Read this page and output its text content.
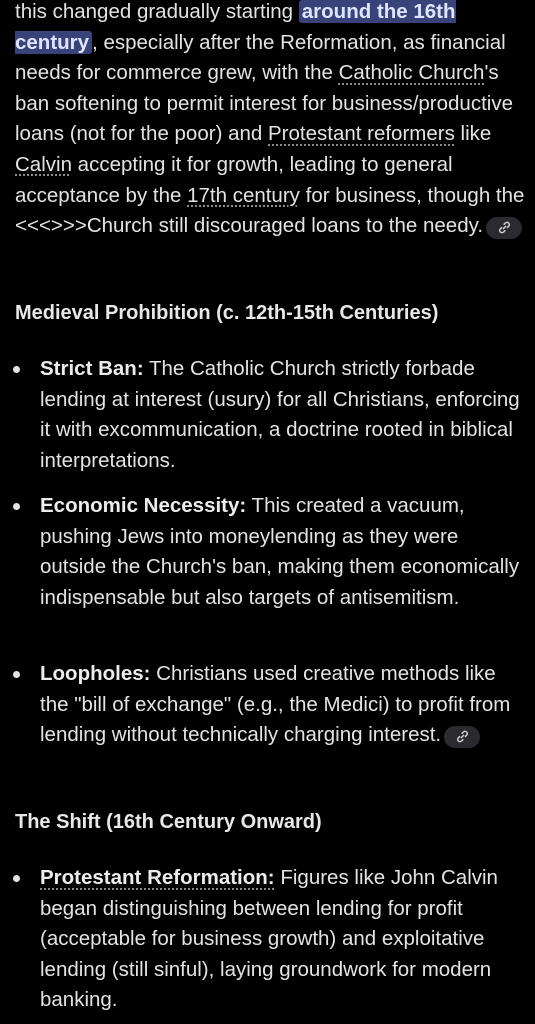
this changed gradually starting around the 16th century , especially after the Reformation, as financial needs for commerce grew, with the Catholic Church's ban softening to permit interest for business/productive loans (not for the poor) and Protestant reformers like Calvin accepting it for growth, leading to general acceptance by the 17th century for business, though the <<<>>>Church still discouraged loans to the needy.
Medieval Prohibition (c. 12th-15th Centuries)
Strict Ban: The Catholic Church strictly forbade lending at interest (usury) for all Christians, enforcing it with excommunication, a doctrine rooted in biblical interpretations.
Economic Necessity: This created a vacuum, pushing Jews into moneylending as they were outside the Church's ban, making them economically indispensable but also targets of antisemitism.
Loopholes: Christians used creative methods like the "bill of exchange" (e.g., the Medici) to profit from lending without technically charging interest.
The Shift (16th Century Onward)
Protestant Reformation: Figures like John Calvin began distinguishing between lending for profit (acceptable for business growth) and exploitative lending (still sinful), laying groundwork for modern banking.
